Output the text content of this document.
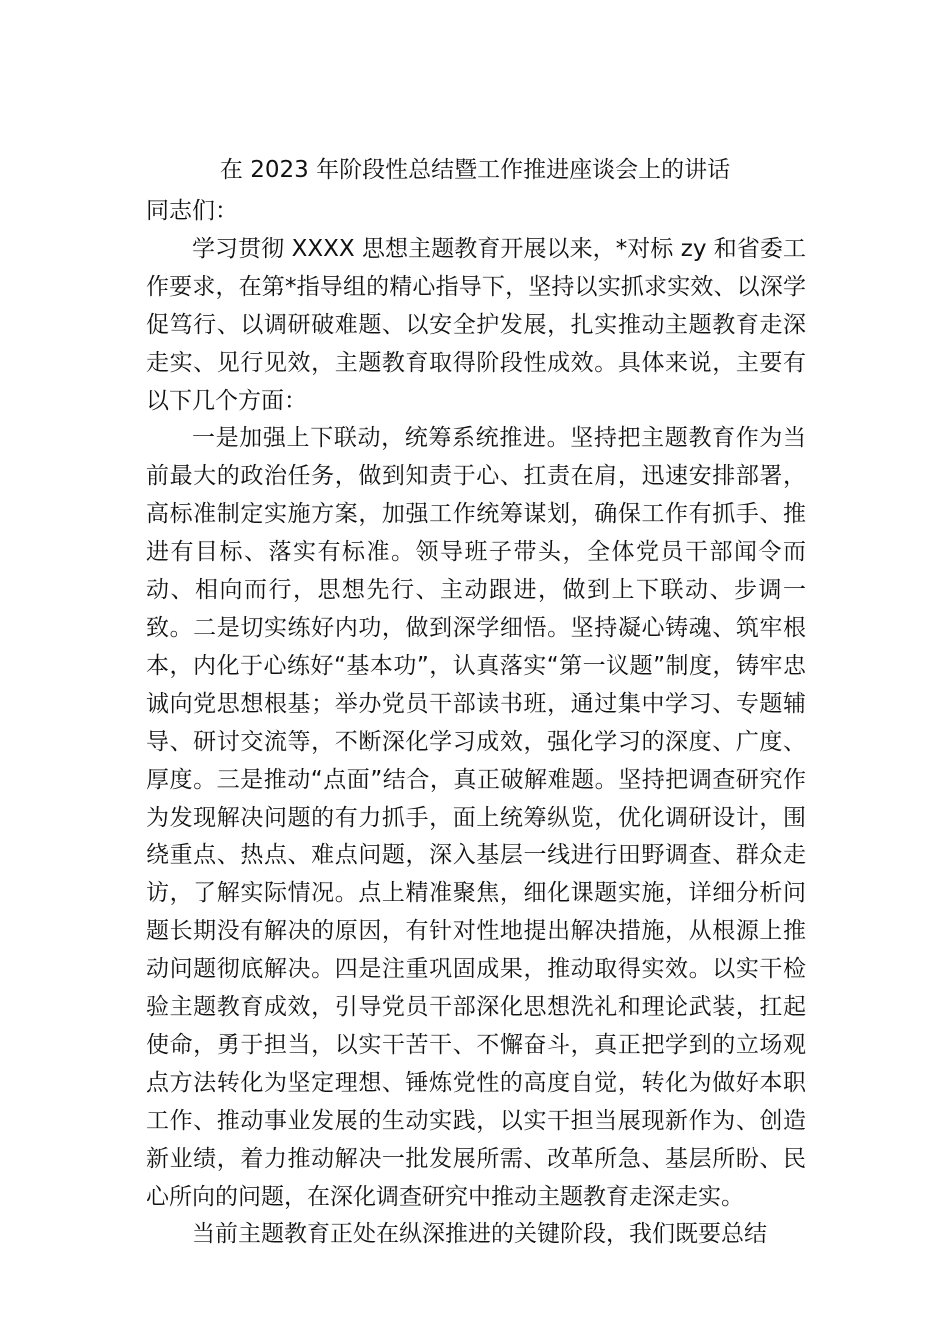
在 2023 年阶段性总结暨工作推进座谈会上的讲话

同志们：

学习贯彻 XXXX 思想主题教育开展以来，*对标 zy 和省委工作要求，在第*指导组的精心指导下，坚持以实抓求实效、以深学促笃行、以调研破难题、以安全护发展，扎实推动主题教育走深走实、见行见效，主题教育取得阶段性成效。具体来说，主要有以下几个方面：

一是加强上下联动，统筹系统推进。坚持把主题教育作为当前最大的政治任务，做到知责于心、扛责在肩，迅速安排部署，高标准制定实施方案，加强工作统筹谋划，确保工作有抓手、推进有目标、落实有标准。领导班子带头，全体党员干部闻令而动、相向而行，思想先行、主动跟进，做到上下联动、步调一致。二是切实练好内功，做到深学细悟。坚持凝心铸魂、筑牢根本，内化于心练好“基本功”，认真落实“第一议题”制度，铸牢忠诚向党思想根基；举办党员干部读书班，通过集中学习、专题辅导、研讨交流等，不断深化学习成效，强化学习的深度、广度、厚度。三是推动“点面”结合，真正破解难题。坚持把调查研究作为发现解决问题的有力抓手，面上统筹纵览，优化调研设计，围绕重点、热点、难点问题，深入基层一线进行田野调查、群众走访，了解实际情况。点上精准聚焦，细化课题实施，详细分析问题长期没有解决的原因，有针对性地提出解决措施，从根源上推动问题彻底解决。四是注重巩固成果，推动取得实效。以实干检验主题教育成效，引导党员干部深化思想洗礼和理论武装，扛起使命，勇于担当，以实干苦干、不懈奋斗，真正把学到的立场观点方法转化为坚定理想、锤炼党性的高度自觉，转化为做好本职工作、推动事业发展的生动实践，以实干担当展现新作为、创造新业绩，着力推动解决一批发展所需、改革所急、基层所盼、民心所向的问题，在深化调查研究中推动主题教育走深走实。

当前主题教育正处在纵深推进的关键阶段，我们既要总结
